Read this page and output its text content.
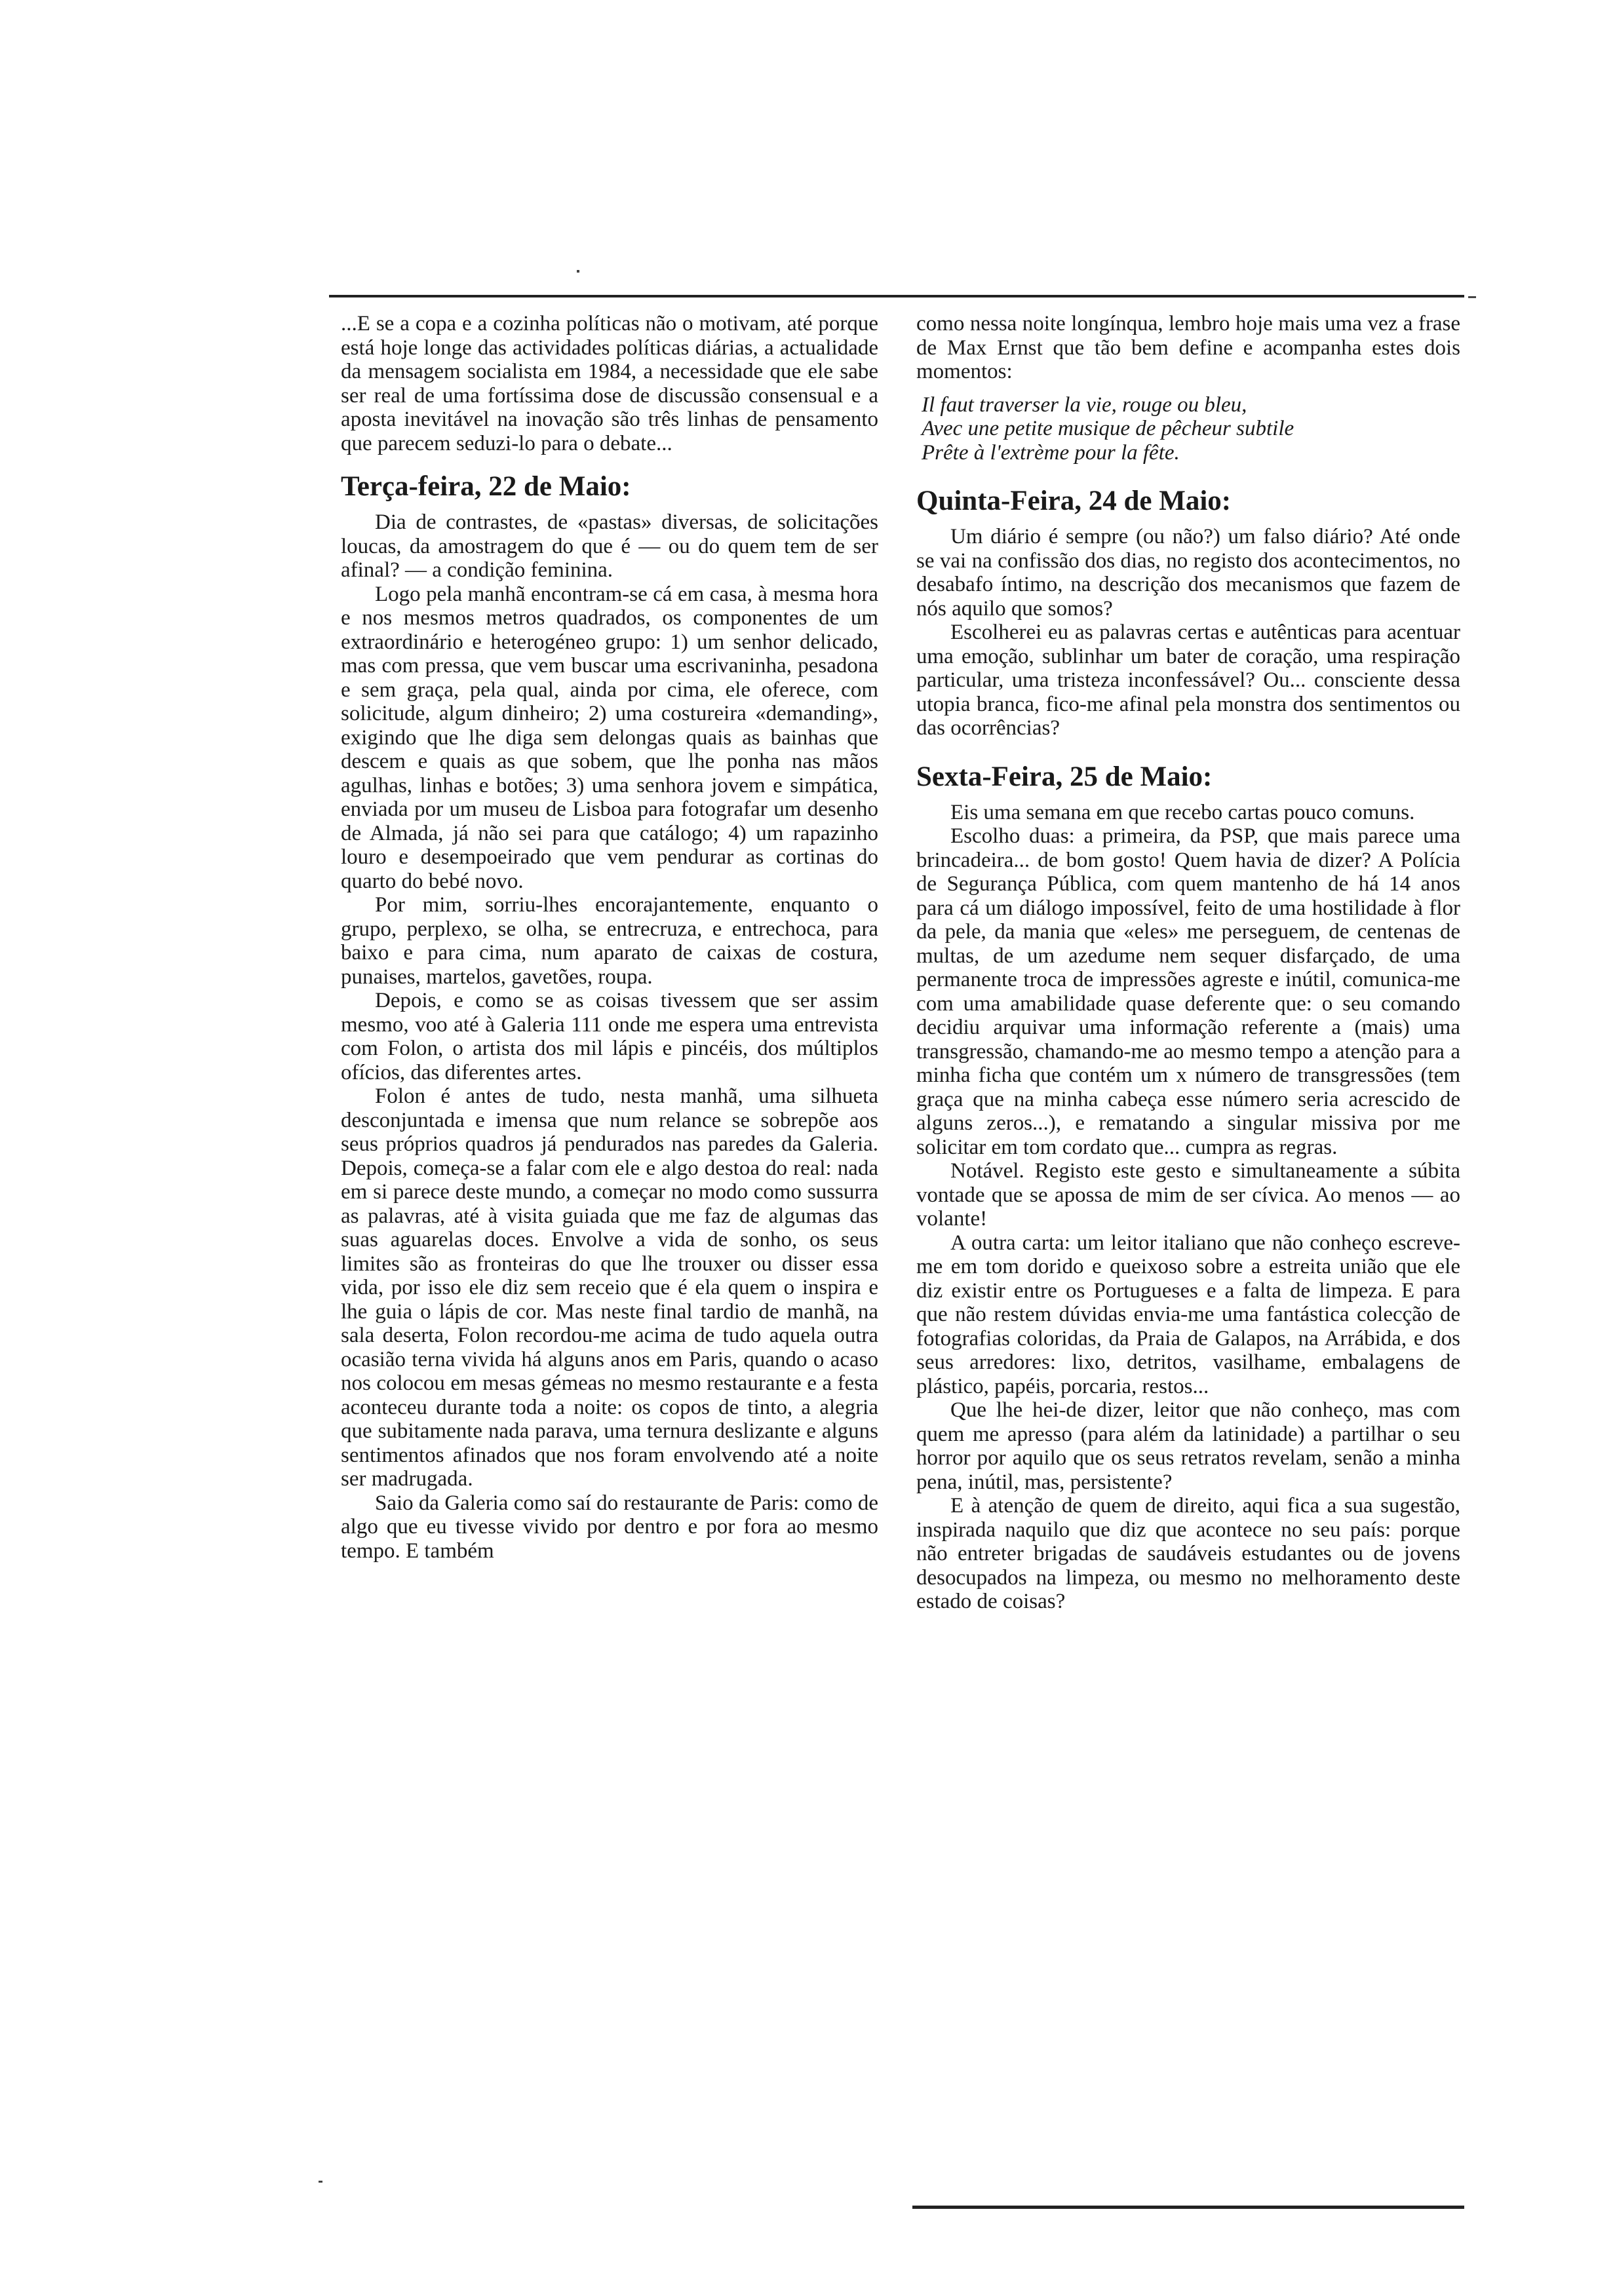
...E se a copa e a cozinha políticas não o motivam, até porque está hoje longe das actividades políticas diárias, a actualidade da mensagem socialista em 1984, a necessidade que ele sabe ser real de uma fortíssima dose de discussão consensual e a aposta inevitável na inovação são três linhas de pensamento que parecem seduzi-lo para o debate...

Terça-feira, 22 de Maio:

Dia de contrastes, de «pastas» diversas, de solicitações loucas, da amostragem do que é — ou do quem tem de ser afinal? — a condição feminina.

Logo pela manhã encontram-se cá em casa, à mesma hora e nos mesmos metros quadrados, os componentes de um extraordinário e heterogéneo grupo: 1) um senhor delicado, mas com pressa, que vem buscar uma escrivaninha, pesadona e sem graça, pela qual, ainda por cima, ele oferece, com solicitude, algum dinheiro; 2) uma costureira «demanding», exigindo que lhe diga sem delongas quais as bainhas que descem e quais as que sobem, que lhe ponha nas mãos agulhas, linhas e botões; 3) uma senhora jovem e simpática, enviada por um museu de Lisboa para fotografar um desenho de Almada, já não sei para que catálogo; 4) um rapazinho louro e desempoeirado que vem pendurar as cortinas do quarto do bebé novo.

Por mim, sorriu-lhes encorajantemente, enquanto o grupo, perplexo, se olha, se entrecruza, e entrechoca, para baixo e para cima, num aparato de caixas de costura, punaises, martelos, gavetões, roupa.

Depois, e como se as coisas tivessem que ser assim mesmo, voo até à Galeria 111 onde me espera uma entrevista com Folon, o artista dos mil lápis e pincéis, dos múltiplos ofícios, das diferentes artes.

Folon é antes de tudo, nesta manhã, uma silhueta desconjuntada e imensa que num relance se sobrepõe aos seus próprios quadros já pendurados nas paredes da Galeria. Depois, começa-se a falar com ele e algo destoa do real: nada em si parece deste mundo, a começar no modo como sussurra as palavras, até à visita guiada que me faz de algumas das suas aguarelas doces. Envolve a vida de sonho, os seus limites são as fronteiras do que lhe trouxer ou disser essa vida, por isso ele diz sem receio que é ela quem o inspira e lhe guia o lápis de cor. Mas neste final tardio de manhã, na sala deserta, Folon recordou-me acima de tudo aquela outra ocasião terna vivida há alguns anos em Paris, quando o acaso nos colocou em mesas gémeas no mesmo restaurante e a festa aconteceu durante toda a noite: os copos de tinto, a alegria que subitamente nada parava, uma ternura deslizante e alguns sentimentos afinados que nos foram envolvendo até a noite ser madrugada.

Saio da Galeria como saí do restaurante de Paris: como de algo que eu tivesse vivido por dentro e por fora ao mesmo tempo. E também

como nessa noite longínqua, lembro hoje mais uma vez a frase de Max Ernst que tão bem define e acompanha estes dois momentos:

Il faut traverser la vie, rouge ou bleu,
Avec une petite musique de pêcheur subtile
Prête à l'extrème pour la fête.

Quinta-Feira, 24 de Maio:

Um diário é sempre (ou não?) um falso diário? Até onde se vai na confissão dos dias, no registo dos acontecimentos, no desabafo íntimo, na descrição dos mecanismos que fazem de nós aquilo que somos?

Escolherei eu as palavras certas e autênticas para acentuar uma emoção, sublinhar um bater de coração, uma respiração particular, uma tristeza inconfessável? Ou... consciente dessa utopia branca, fico-me afinal pela monstra dos sentimentos ou das ocorrências?

Sexta-Feira, 25 de Maio:

Eis uma semana em que recebo cartas pouco comuns.

Escolho duas: a primeira, da PSP, que mais parece uma brincadeira... de bom gosto! Quem havia de dizer? A Polícia de Segurança Pública, com quem mantenho de há 14 anos para cá um diálogo impossível, feito de uma hostilidade à flor da pele, da mania que «eles» me perseguem, de centenas de multas, de um azedume nem sequer disfarçado, de uma permanente troca de impressões agreste e inútil, comunica-me com uma amabilidade quase deferente que: o seu comando decidiu arquivar uma informação referente a (mais) uma transgressão, chamando-me ao mesmo tempo a atenção para a minha ficha que contém um x número de transgressões (tem graça que na minha cabeça esse número seria acrescido de alguns zeros...), e rematando a singular missiva por me solicitar em tom cordato que... cumpra as regras.

Notável. Registo este gesto e simultaneamente a súbita vontade que se apossa de mim de ser cívica. Ao menos — ao volante!

A outra carta: um leitor italiano que não conheço escreve-me em tom dorido e queixoso sobre a estreita união que ele diz existir entre os Portugueses e a falta de limpeza. E para que não restem dúvidas envia-me uma fantástica colecção de fotografias coloridas, da Praia de Galapos, na Arrábida, e dos seus arredores: lixo, detritos, vasilhame, embalagens de plástico, papéis, porcaria, restos...

Que lhe hei-de dizer, leitor que não conheço, mas com quem me apresso (para além da latinidade) a partilhar o seu horror por aquilo que os seus retratos revelam, senão a minha pena, inútil, mas, persistente?

E à atenção de quem de direito, aqui fica a sua sugestão, inspirada naquilo que diz que acontece no seu país: porque não entreter brigadas de saudáveis estudantes ou de jovens desocupados na limpeza, ou mesmo no melhoramento deste estado de coisas?
